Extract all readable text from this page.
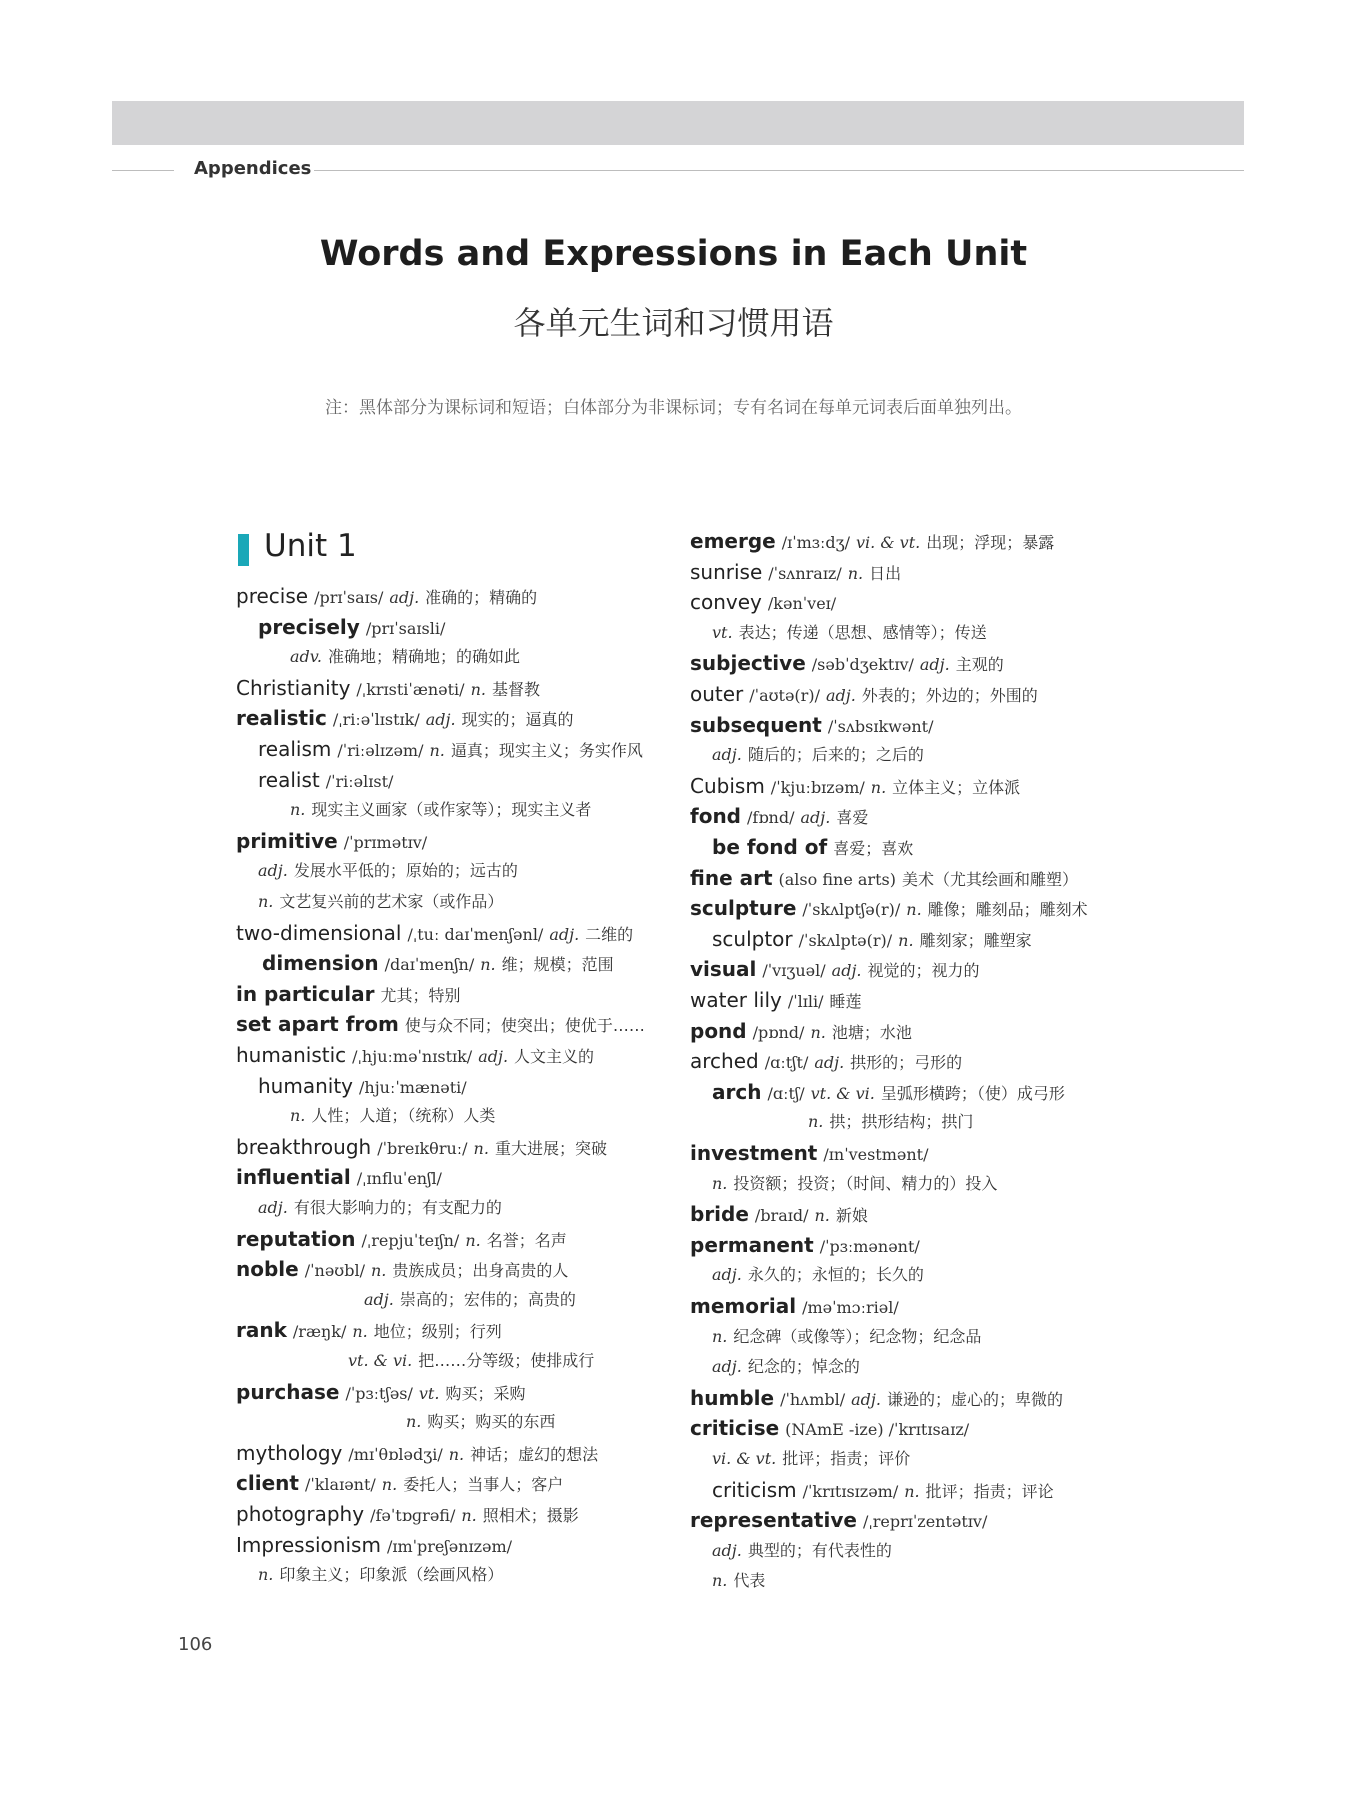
Appendices
Words and Expressions in Each Unit
各单元生词和习惯用语
注：黑体部分为课标词和短语；白体部分为非课标词；专有名词在每单元词表后面单独列出。
Unit 1
precise /prɪˈsaɪs/ adj. 准确的；精确的
precisely /prɪˈsaɪsli/
adv. 准确地；精确地；的确如此
Christianity /ˌkrɪstiˈænəti/ n. 基督教
realistic /ˌriːəˈlɪstɪk/ adj. 现实的；逼真的
realism /ˈriːəlɪzəm/ n. 逼真；现实主义；务实作风
realist /ˈriːəlɪst/
n. 现实主义画家（或作家等）；现实主义者
primitive /ˈprɪmətɪv/
adj. 发展水平低的；原始的；远古的
n. 文艺复兴前的艺术家（或作品）
two-dimensional /ˌtuː daɪˈmenʃənl/ adj. 二维的
dimension /daɪˈmenʃn/ n. 维；规模；范围
in particular 尤其；特别
set apart from 使与众不同；使突出；使优于……
humanistic /ˌhjuːməˈnɪstɪk/ adj. 人文主义的
humanity /hjuːˈmænəti/
n. 人性；人道；（统称）人类
breakthrough /ˈbreɪkθruː/ n. 重大进展；突破
influential /ˌɪnfluˈenʃl/
adj. 有很大影响力的；有支配力的
reputation /ˌrepjuˈteɪʃn/ n. 名誉；名声
noble /ˈnəʊbl/ n. 贵族成员；出身高贵的人
adj. 崇高的；宏伟的；高贵的
rank /ræŋk/ n. 地位；级别；行列
vt. & vi. 把……分等级；使排成行
purchase /ˈpɜːtʃəs/ vt. 购买；采购
n. 购买；购买的东西
mythology /mɪˈθɒlədʒi/ n. 神话；虚幻的想法
client /ˈklaɪənt/ n. 委托人；当事人；客户
photography /fəˈtɒɡrəfi/ n. 照相术；摄影
Impressionism /ɪmˈpreʃənɪzəm/
n. 印象主义；印象派（绘画风格）
emerge /ɪˈmɜːdʒ/ vi. & vt. 出现；浮现；暴露
sunrise /ˈsʌnraɪz/ n. 日出
convey /kənˈveɪ/
vt. 表达；传递（思想、感情等）；传送
subjective /səbˈdʒektɪv/ adj. 主观的
outer /ˈaʊtə(r)/ adj. 外表的；外边的；外围的
subsequent /ˈsʌbsɪkwənt/
adj. 随后的；后来的；之后的
Cubism /ˈkjuːbɪzəm/ n. 立体主义；立体派
fond /fɒnd/ adj. 喜爱
be fond of 喜爱；喜欢
fine art (also fine arts) 美术（尤其绘画和雕塑）
sculpture /ˈskʌlptʃə(r)/ n. 雕像；雕刻品；雕刻术
sculptor /ˈskʌlptə(r)/ n. 雕刻家；雕塑家
visual /ˈvɪʒuəl/ adj. 视觉的；视力的
water lily /ˈlɪli/ 睡莲
pond /pɒnd/ n. 池塘；水池
arched /ɑːtʃt/ adj. 拱形的；弓形的
arch /ɑːtʃ/ vt. & vi. 呈弧形横跨；（使）成弓形
n. 拱；拱形结构；拱门
investment /ɪnˈvestmənt/
n. 投资额；投资；（时间、精力的）投入
bride /braɪd/ n. 新娘
permanent /ˈpɜːmənənt/
adj. 永久的；永恒的；长久的
memorial /məˈmɔːriəl/
n. 纪念碑（或像等）；纪念物；纪念品
adj. 纪念的；悼念的
humble /ˈhʌmbl/ adj. 谦逊的；虚心的；卑微的
criticise (NAmE -ize) /ˈkrɪtɪsaɪz/
vi. & vt. 批评；指责；评价
criticism /ˈkrɪtɪsɪzəm/ n. 批评；指责；评论
representative /ˌreprɪˈzentətɪv/
adj. 典型的；有代表性的
n. 代表
106
